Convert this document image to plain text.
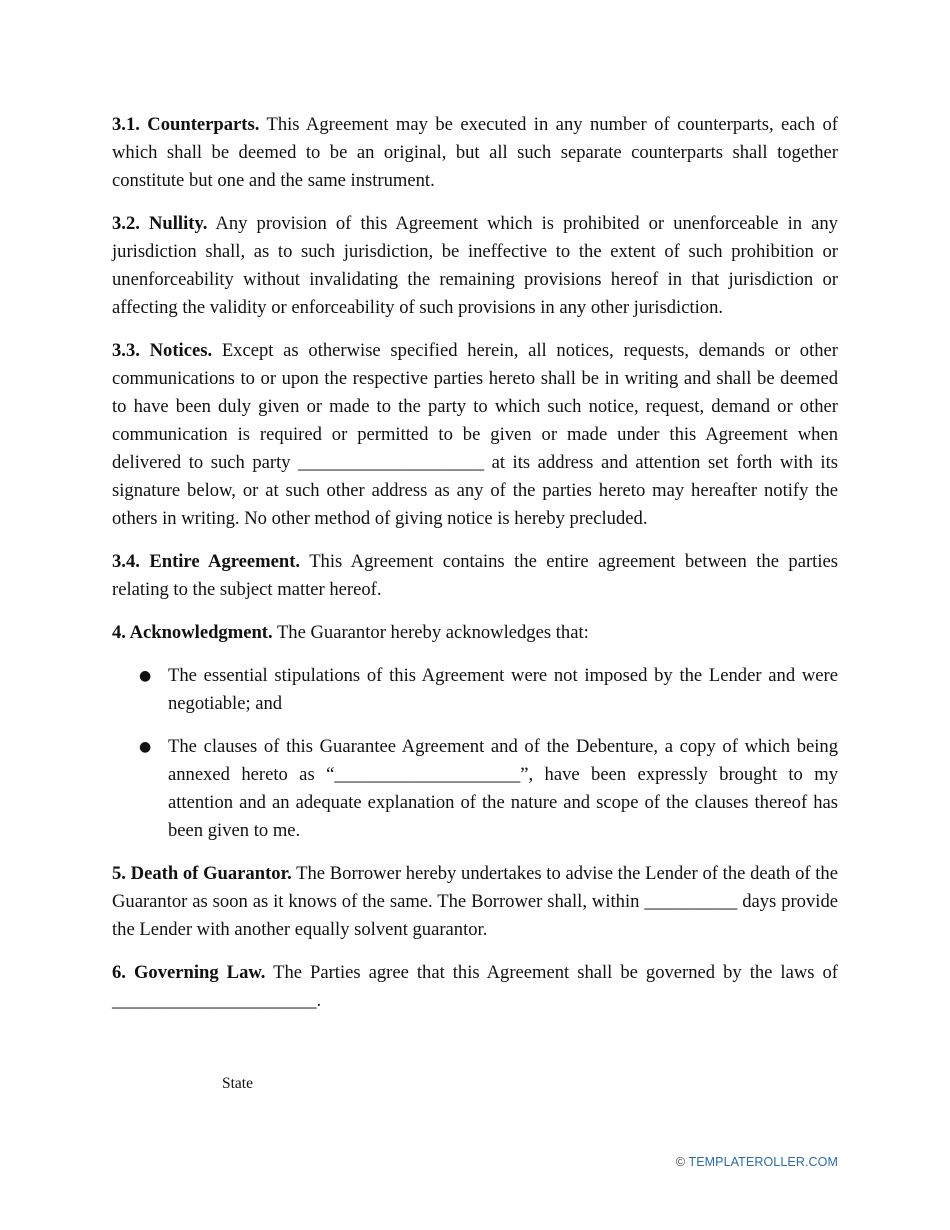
3.1. Counterparts. This Agreement may be executed in any number of counterparts, each of which shall be deemed to be an original, but all such separate counterparts shall together constitute but one and the same instrument.

3.2. Nullity. Any provision of this Agreement which is prohibited or unenforceable in any jurisdiction shall, as to such jurisdiction, be ineffective to the extent of such prohibition or unenforceability without invalidating the remaining provisions hereof in that jurisdiction or affecting the validity or enforceability of such provisions in any other jurisdiction.

3.3. Notices. Except as otherwise specified herein, all notices, requests, demands or other communications to or upon the respective parties hereto shall be in writing and shall be deemed to have been duly given or made to the party to which such notice, request, demand or other communication is required or permitted to be given or made under this Agreement when delivered to such party ____________________ at its address and attention set forth with its signature below, or at such other address as any of the parties hereto may hereafter notify the others in writing. No other method of giving notice is hereby precluded.

3.4. Entire Agreement. This Agreement contains the entire agreement between the parties relating to the subject matter hereof.

4. Acknowledgment. The Guarantor hereby acknowledges that:

● The essential stipulations of this Agreement were not imposed by the Lender and were negotiable; and
● The clauses of this Guarantee Agreement and of the Debenture, a copy of which being annexed hereto as “____________________”, have been expressly brought to my attention and an adequate explanation of the nature and scope of the clauses thereof has been given to me.

5. Death of Guarantor. The Borrower hereby undertakes to advise the Lender of the death of the Guarantor as soon as it knows of the same. The Borrower shall, within __________ days provide the Lender with another equally solvent guarantor.

6. Governing Law. The Parties agree that this Agreement shall be governed by the laws of ______________________.

State
© TEMPLATEROLLER.COM
